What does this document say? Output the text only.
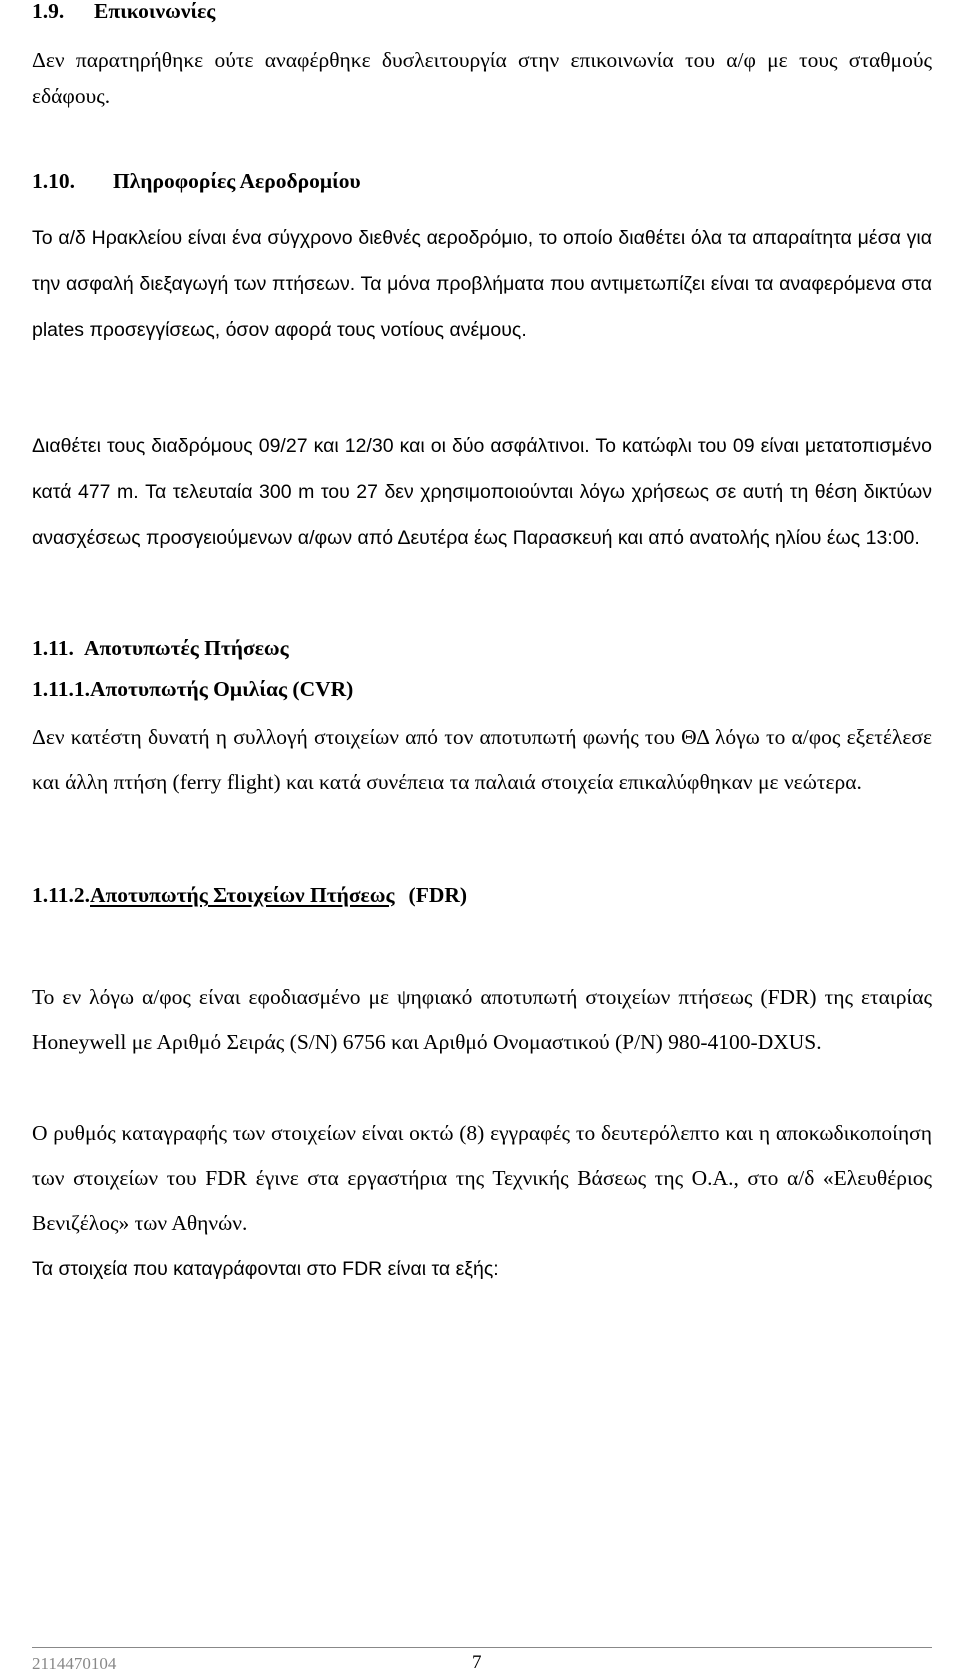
1.9. Επικοινωνίες
Δεν παρατηρήθηκε ούτε αναφέρθηκε δυσλειτουργία στην επικοινωνία του α/φ με τους σταθμούς εδάφους.
1.10. Πληροφορίες Αεροδρομίου
Το α/δ Ηρακλείου είναι ένα σύγχρονο διεθνές αεροδρόμιο, το οποίο διαθέτει όλα τα απαραίτητα μέσα για την ασφαλή διεξαγωγή των πτήσεων. Τα μόνα προβλήματα που αντιμετωπίζει είναι τα αναφερόμενα στα plates προσεγγίσεως, όσον αφορά τους νοτίους ανέμους.
Διαθέτει τους διαδρόμους 09/27 και 12/30 και οι δύο ασφάλτινοι. Το κατώφλι του 09 είναι μετατοπισμένο κατά 477 m. Τα τελευταία 300 m του 27 δεν χρησιμοποιούνται λόγω χρήσεως σε αυτή τη θέση δικτύων ανασχέσεως προσγειούμενων α/φων από Δευτέρα έως Παρασκευή και από ανατολής ηλίου έως 13:00.
1.11. Αποτυπωτές Πτήσεως
1.11.1.Αποτυπωτής Ομιλίας (CVR)
Δεν κατέστη δυνατή η συλλογή στοιχείων από τον αποτυπωτή φωνής του ΘΔ λόγω το α/φος εξετέλεσε και άλλη πτήση (ferry flight) και κατά συνέπεια τα παλαιά στοιχεία επικαλύφθηκαν με νεώτερα.
1.11.2.Αποτυπωτής Στοιχείων Πτήσεως (FDR)
Το εν λόγω α/φος είναι εφοδιασμένο με ψηφιακό αποτυπωτή στοιχείων πτήσεως (FDR) της εταιρίας Honeywell με Αριθμό Σειράς (S/N) 6756 και Αριθμό Ονομαστικού (P/N) 980-4100-DXUS.
Ο ρυθμός καταγραφής των στοιχείων είναι οκτώ (8) εγγραφές το δευτερόλεπτο και η αποκωδικοποίηση των στοιχείων του FDR έγινε στα εργαστήρια της Τεχνικής Βάσεως της Ο.Α., στο α/δ «Ελευθέριος Βενιζέλος» των Αθηνών.
Τα στοιχεία που καταγράφονται στο FDR είναι τα εξής:
2114470104	7
